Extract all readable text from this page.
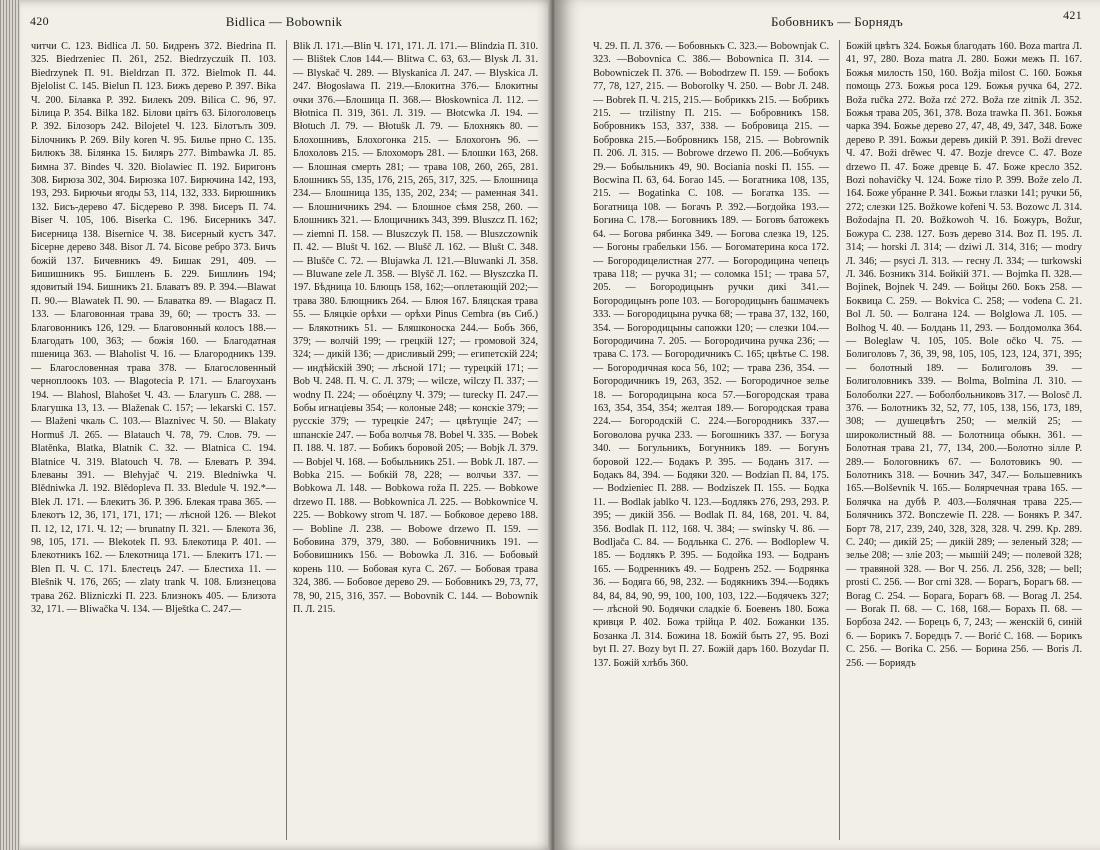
420	Bidlica — Bobownik
читчи С. 123. Bidlica Л. 50. Бидренъ 372. Biedrina П. 325. Biedrzeniec П. 261, 252. Biedrzyczuik П. 103. Biedrzynek П. 91. Bieldrzan П. 372. Bielmok П. 44. Bjelolist С. 145. Bielun П. 123. Бижъ дерево Р. 397. Bika Ч. 200. Бiлавка Р. 392. Билекъ 209. Bilica С. 96, 97. Бiлица Р. 354. Bilka 182. Бiлови цвiтъ 63. Бiлоголовецъ Р. 392. Бiлозоръ 242. Bilojetel Ч. 123. Бiлотълъ 309. Бiлочникъ Р. 269. Bily koren Ч. 95. Билье прно С. 135. Билюкъ 38. Бiлянка 15. Биляръ 277. Bimbawka Л. 85. Бимна 37. Bindes Ч. 320. Biolawiec П. 192. Биригонъ 308. Бирюза 302, 304. Бирюзка 107. Бирючина 142, 193, 193, 293. Бирючьи ягоды 53, 114, 132, 333. Бирюшникъ 132. Бисъ-дерево 47. Бiсдерево Р. 398. Бисеръ П. 74. Biser Ч. 105, 106. Biserka С. 196. Бисерникъ 347. Бисерница 138. Bisernice Ч. 38. Бисерный кустъ 347. Бiсерне дерево 348. Bisor Л. 74. Бiсове ребро 373. Бичъ божiй 137. Бичевникъ 49. Бишак 291, 409. — Бишишникъ 95. Бишленъ Б. 229. Бишлинъ 194; ядовитый 194. Бишникъ 21. Блаватъ 89. Р. 394.—Blawat П. 90.— Blawatek П. 90. — Блаватка 89. — Blagacz П. 133. — Благовонная трава 39, 60; — тростъ 33. — Благовонникъ 126, 129. — Благовонный колосъ 188.— Благодать 100, 363; — божiя 160. — Благодатная пшеница 363. — Blaholist Ч. 16. — Благородникъ 139. — Благословенная трава 378. — Благословенный черноплоокъ 103. — Blagotecia Р. 171. — Благоуханъ 194. — Blahosl, Blahošet Ч. 43. — Благушъ С. 288. — Благушка 13, 13. — Blaženak С. 157; — lekarski С. 157. — Blaženi чкаль С. 103.— Blaznivec Ч. 50. — Blakaty Hormuš Л. 265. — Blatauch Ч. 78, 79. Слов. 79. — Blatěnka, Blatka, Blatnik С. 32. — Blatnica С. 194. Blatnice Ч. 319. Blatouch Ч. 78. — Блеватъ Р. 394. Блеваны 391. — Blehyjač Ч. 219. Bledniwka Ч. Blědniwka Л. 192. Blědopleva П. 33. Bledule Ч. 192.*— Blek Л. 171. — Блекитъ 36. Р. 396. Блекая трава 365. — Блекотъ 12, 36, 171, 171, 171; — лѣсной 126. — Blekot П. 12, 12, 171. Ч. 12; — brunatny П. 321. — Блекота 36, 98, 105, 171. — Blekotek П. 93. Блекотица Р. 401. — Блекотникъ 162. — Блекотница 171. — Блекитъ 171. — Blen П. Ч. С. 171. Блестецъ 247. — Блестиха 11. — Blešnik Ч. 176, 265; — zlaty trank Ч. 108. Близнецова трава 262. Blizniczki П. 223. Близнокъ 405. — Близота 32, 171. — Bliwačka Ч. 134. — Blještka С. 247.—
Blik Л. 171.—Blin Ч. 171, 171. Л. 171.— Blindzia П. 310. — Blištek Слов 144.— Blitwa С. 63, 63.— Blysk Л. 31. — Blyskač Ч. 289. — Blyskanica Л. 247. — Blyskica Л. 247. Błogosława П. 219.—Блокитна 376.— Блокитны очки 376.—Блошица П. 368.— Błoskownica Л. 112. — Błotnica П. 319, 361. Л. 319. — Błotcwka Л. 194. — Błotuch Л. 79. — Błotušk Л. 79. — Блохнякъ 80. — Блохошнивъ, Блохогонка 215. — Блохогонъ 96. — Блохоловъ 215. — Блохоморъ 281. — Блошки 163, 268. — Блошная смерть 281; — трава 108, 260, 265, 281. Блошникъ 55, 135, 176, 215, 265, 317, 325. — Блошница 234.— Блошница 135, 135, 202, 234; — раменная 341. — Блошничникъ 294. — Блошное сѣмя 258, 260. — Блошникъ 321. — Блощичникъ 343, 399. Bluszcz П. 162; — ziemni П. 158. — Bluszczyk П. 158. — Bluszczownik П. 42. — Blušt Ч. 162. — Blušč Л. 162. — Blušt С. 348. — Blušče С. 72. — Blujawka Л. 121.—Bluwanki Л. 358.— Bluwane zele Л. 358. — Blyšč Л. 162. — Błyszczka П. 197. Бѣдница 10. Блющъ 158, 162;—оплетающiй 202;— трава 380. Блющникъ 264. — Блюя 167. Бляцская трава 55. — Бляцкiе орѣхи — орѣхи Pinus Cembra (въ Сиб.) — Блякотникъ 51. — Бляшконоска 244.— Бобъ 366, 379; — волчiй 199; — грецкiй 127; — громовой 324, 324; — дикiй 136; — дрисливый 299; — египетскiй 224; — индѣйскiй 390; — лѣсной 171; — турецкiй 171; — Bob Ч. 248. П. Ч. С. Л. 379; — wilcze, wilczy П. 337; — wodny П. 224; — обоéцzny Ч. 379; — turecky П. 247.— Бобы игнацiевы 354; — колоные 248; — конскiе 379; — русскiе 379; — турецкiе 247; — цвѣтущiе 247; — шпанскiе 247. — Боба волчья 78. Bobel Ч. 335. — Bobek П. 188. Ч. 187. — Бобикъ боровой 205; — Bobjk Л. 379. — Bobjel Ч. 168. — Бобыльникъ 251. — Bobk Л. 187. — Bobka 215. — Бобкiй 78, 228; — волчьи 337. — Bobkowa Л. 148. — Bobkowa roža П. 225. — Bobkowe drzewo П. 188. — Bobkownica Л. 225. — Bobkownice Ч. 225. — Bobkowy strom Ч. 187. — Бобковое дерево 188. — Bobline Л. 238. — Bobowe drzewo П. 159. — Бобовина 379, 379, 380. — Бобовничникъ 191. — Бобовишникъ 156. — Bobowka Л. 316. — Бобовый корень 110. — Бобовая куга С. 267. — Бобовая трава 324, 386. — Бобовое дерево 29. — Бобовникъ 29, 73, 77, 78, 90, 215, 316, 357. — Bobovnik С. 144. — Bobownik П. Л. 215.
Бобовникъ — Борнядъ	421
Ч. 29. П. Л. 376. — Бобовнькъ С. 323.— Bobownjak С. 323. —Bobovnica С. 386.— Bobownica П. 314. — Bobowniczek П. 376. — Bobodrzew П. 159. — Бобокъ 77, 78, 127, 215. — Boborolky Ч. 250. — Bobr Л. 248.— Bobrek П. Ч. 215, 215.— Бобриккъ 215. — Бобрикъ 215. — trzilistny П. 215. — Бобровникъ 158. Бобровникъ 153, 337, 338. — Бобровица 215. — Бобровка 215.—Бобровникъ 158, 215. — Bobrownik П. 206. Л. 315. — Bobrowe drzewo П. 206.—Бобчукъ 29.— Бобыльникъ 49, 90. Bociania noski П. 155. — Bocwina П. 63, 64. Богао 145. — Богатника 108, 135, 215. — Bogatinka С. 108. — Богатка 135. — Богатница 108. — Богачъ Р. 392.—Богдойка 193.—Богина С. 178.— Боговникъ 189. — Боговъ батожекъ 64. — Богова рябинка 349. — Богова слезка 19, 125. — Богоны грабельки 156. — Богоматерина коса 172. — Богородицелистная 277. — Богородицина чепецъ трава 118; — ручка 31; — соломка 151; — трава 57, 205. — Богородицынъ ручки дикi 341.—Богородицынъ ропе 103. — Богородицынъ башмачекъ 333. — Богородицына ручка 68; — трава 37, 132, 160, 354. — Богородицыны сапожки 120; — слезки 104.— Богородичина 7. 205. — Богородичина ручка 236; — трава С. 173. — Богородичникъ С. 165; цвѣтье С. 198. — Богородичная коса 56, 102; — трава 236, 354. — Богородичникъ 19, 263, 352. — Богородичное зелье 18. — Богородицына коса 57.—Богородская трава 163, 354, 354, 354; желтая 189.— Богородская трава 224.— Богородскiй С. 224.—Богородникъ 337.— Боговолова ручка 233. — Богошникъ 337. — Богуза 340. — Богульникъ, Богунникъ 189. — Богунъ боровой 122.— Бодакъ Р. 395. — Боданъ 317. — Бодакъ 84, 394. — Бодяки 320. — Bodzian П. 84, 175. — Bodzieniec П. 288. — Bodziszek П. 155. — Бодка 11. — Bodlak jablko Ч. 123.—Бодлякъ 276, 293, 293. Р. 395; — дикiй 356. — Bodlak П. 84, 168, 201. Ч. 84, 356. Bodlak П. 112, 168. Ч. 384; — swinsky Ч. 86. — Bodljača С. 84. — Бодльнка С. 276. — Bodloplew Ч. 185. — Бодлякъ Р. 395. — Бодойка 193. — Бодранъ 165. — Бодренникъ 49. — Бодренъ 252. — Бодрянка 36. — Бодяга 66, 98, 232. — Бодякникъ 394.—Бодякъ 84, 84, 84, 90, 99, 100, 100, 103, 122.—Бодячекъ 327;— лѣсной 90. Бодячки сладкiе 6. Боевенъ 180. Божа кривця Р. 402. Божа трiйца Р. 402. Божанки 135. Бозанка Л. 314. Божина 18. Божiй быть 27, 95. Bozi byt П. 27. Bozy byt П. 27. Божiй даръ 160. Bozydar П. 137. Божiй хлѣбъ 360.
Божiй цвѣтъ 324. Божья благодать 160. Boza martra Л. 41, 97, 280. Boza matra Л. 280. Божи межъ П. 167. Божья милость 150, 160. Božja milost С. 160. Божья помощь 273. Божья роса 129. Божья ручка 64, 272. Boža ručka 272. Boža rzć 272. Boža rze zitnik Л. 352. Божья трава 205, 361, 378. Boza trawka П. 361. Божья чарка 394. Божье дерево 27, 47, 48, 49, 347, 348. Боже дерево Р. 391. Божьи деревъ дикiй Р. 391. Boži drevec Ч. 47. Boži drěwec Ч. 47. Bozje drevce С. 47. Boze drzewo П. 47. Боже древце Б. 47. Боже кресло 352. Bozi nohavičky Ч. 124. Боже тiло Р. 399. Bože zelo Л. 164. Боже убранне Р. 341. Божьи глазки 141; ручки 56, 272; слезки 125. Božkowe kořeni Ч. 53. Bozowc Л. 314. Božodajna П. 20. Božkowoh Ч. 16. Божуръ, Božur, Божура С. 238. 127. Бозъ дерево 314. Boz П. 195. Л. 314; — horski Л. 314; — dziwi Л. 314, 316; — modry Л. 346; — psyci Л. 313. — гесну Л. 334; — turkowski Л. 346. Бозникъ 314. Бойкiй 371. — Bojmka П. 328.—Bojinek, Bojnek Ч. 249. — Бойцы 260. Бокъ 258. — Боквица С. 259. — Bokvica С. 258; — vodena С. 21. Bol Л. 50. — Болгана 124. — Bolglowa Л. 105. — Bolhog Ч. 40. — Болдань 11, 293. — Болдомолка 364. — Boleglaw Ч. 105, 105. Bole očko Ч. 75. — Болиголовъ 7, 36, 39, 98, 105, 105, 123, 124, 371, 395; — болотный 189. — Болиголовъ 39. — Болиголовникъ 339. — Bolma, Bolmina Л. 310. — Болоболки 227. — Боболбольниковъ 317. — Bolosč Л. 376. — Болотникъ 32, 52, 77, 105, 138, 156, 173, 189, 308; — душецвѣтъ 250; — мелкiй 25; — широколистный 88. — Болотница обыкн. 361. — Болотная трава 21, 77, 134, 200.—Болотно зiлле Р. 289.— Бологовникъ 67. — Болотовикъ 90. — Болотникъ 318. — Бочниъ 347, 347.— Большевникъ 165.—Bolševnik Ч. 165.— Болярчечная трава 165. — Болячка на дубѣ Р. 403.—Болячная трава 225.— Болячникъ 372. Bonczewie П. 228. — Бонякъ Р. 347. Борт 78, 217, 239, 240, 328, 328, 328. Ч. 299. Кр. 289. С. 240; — дикiй 25; — дикiй 289; — зеленый 328; — зелье 208; — злiе 203; — мышiй 249; — полевой 328; — травяной 328. — Bor Ч. 256. Л. 256, 328; — bell; prosti С. 256. — Bor crni 328. — Борагъ, Борагъ 68. — Borag С. 254. — Борага, Борагъ 68. — Borag Л. 254. — Borak П. 68. — С. 168, 168.— Борахъ П. 68. — Борбоза 242. — Борецъ 6, 7, 243; — женскiй 6, синiй 6. — Борикъ 7. Боредцъ 7. — Borić С. 168. — Борикъ С. 256. — Borika С. 256. — Борина 256. — Boris Л. 256. — Бориядъ
